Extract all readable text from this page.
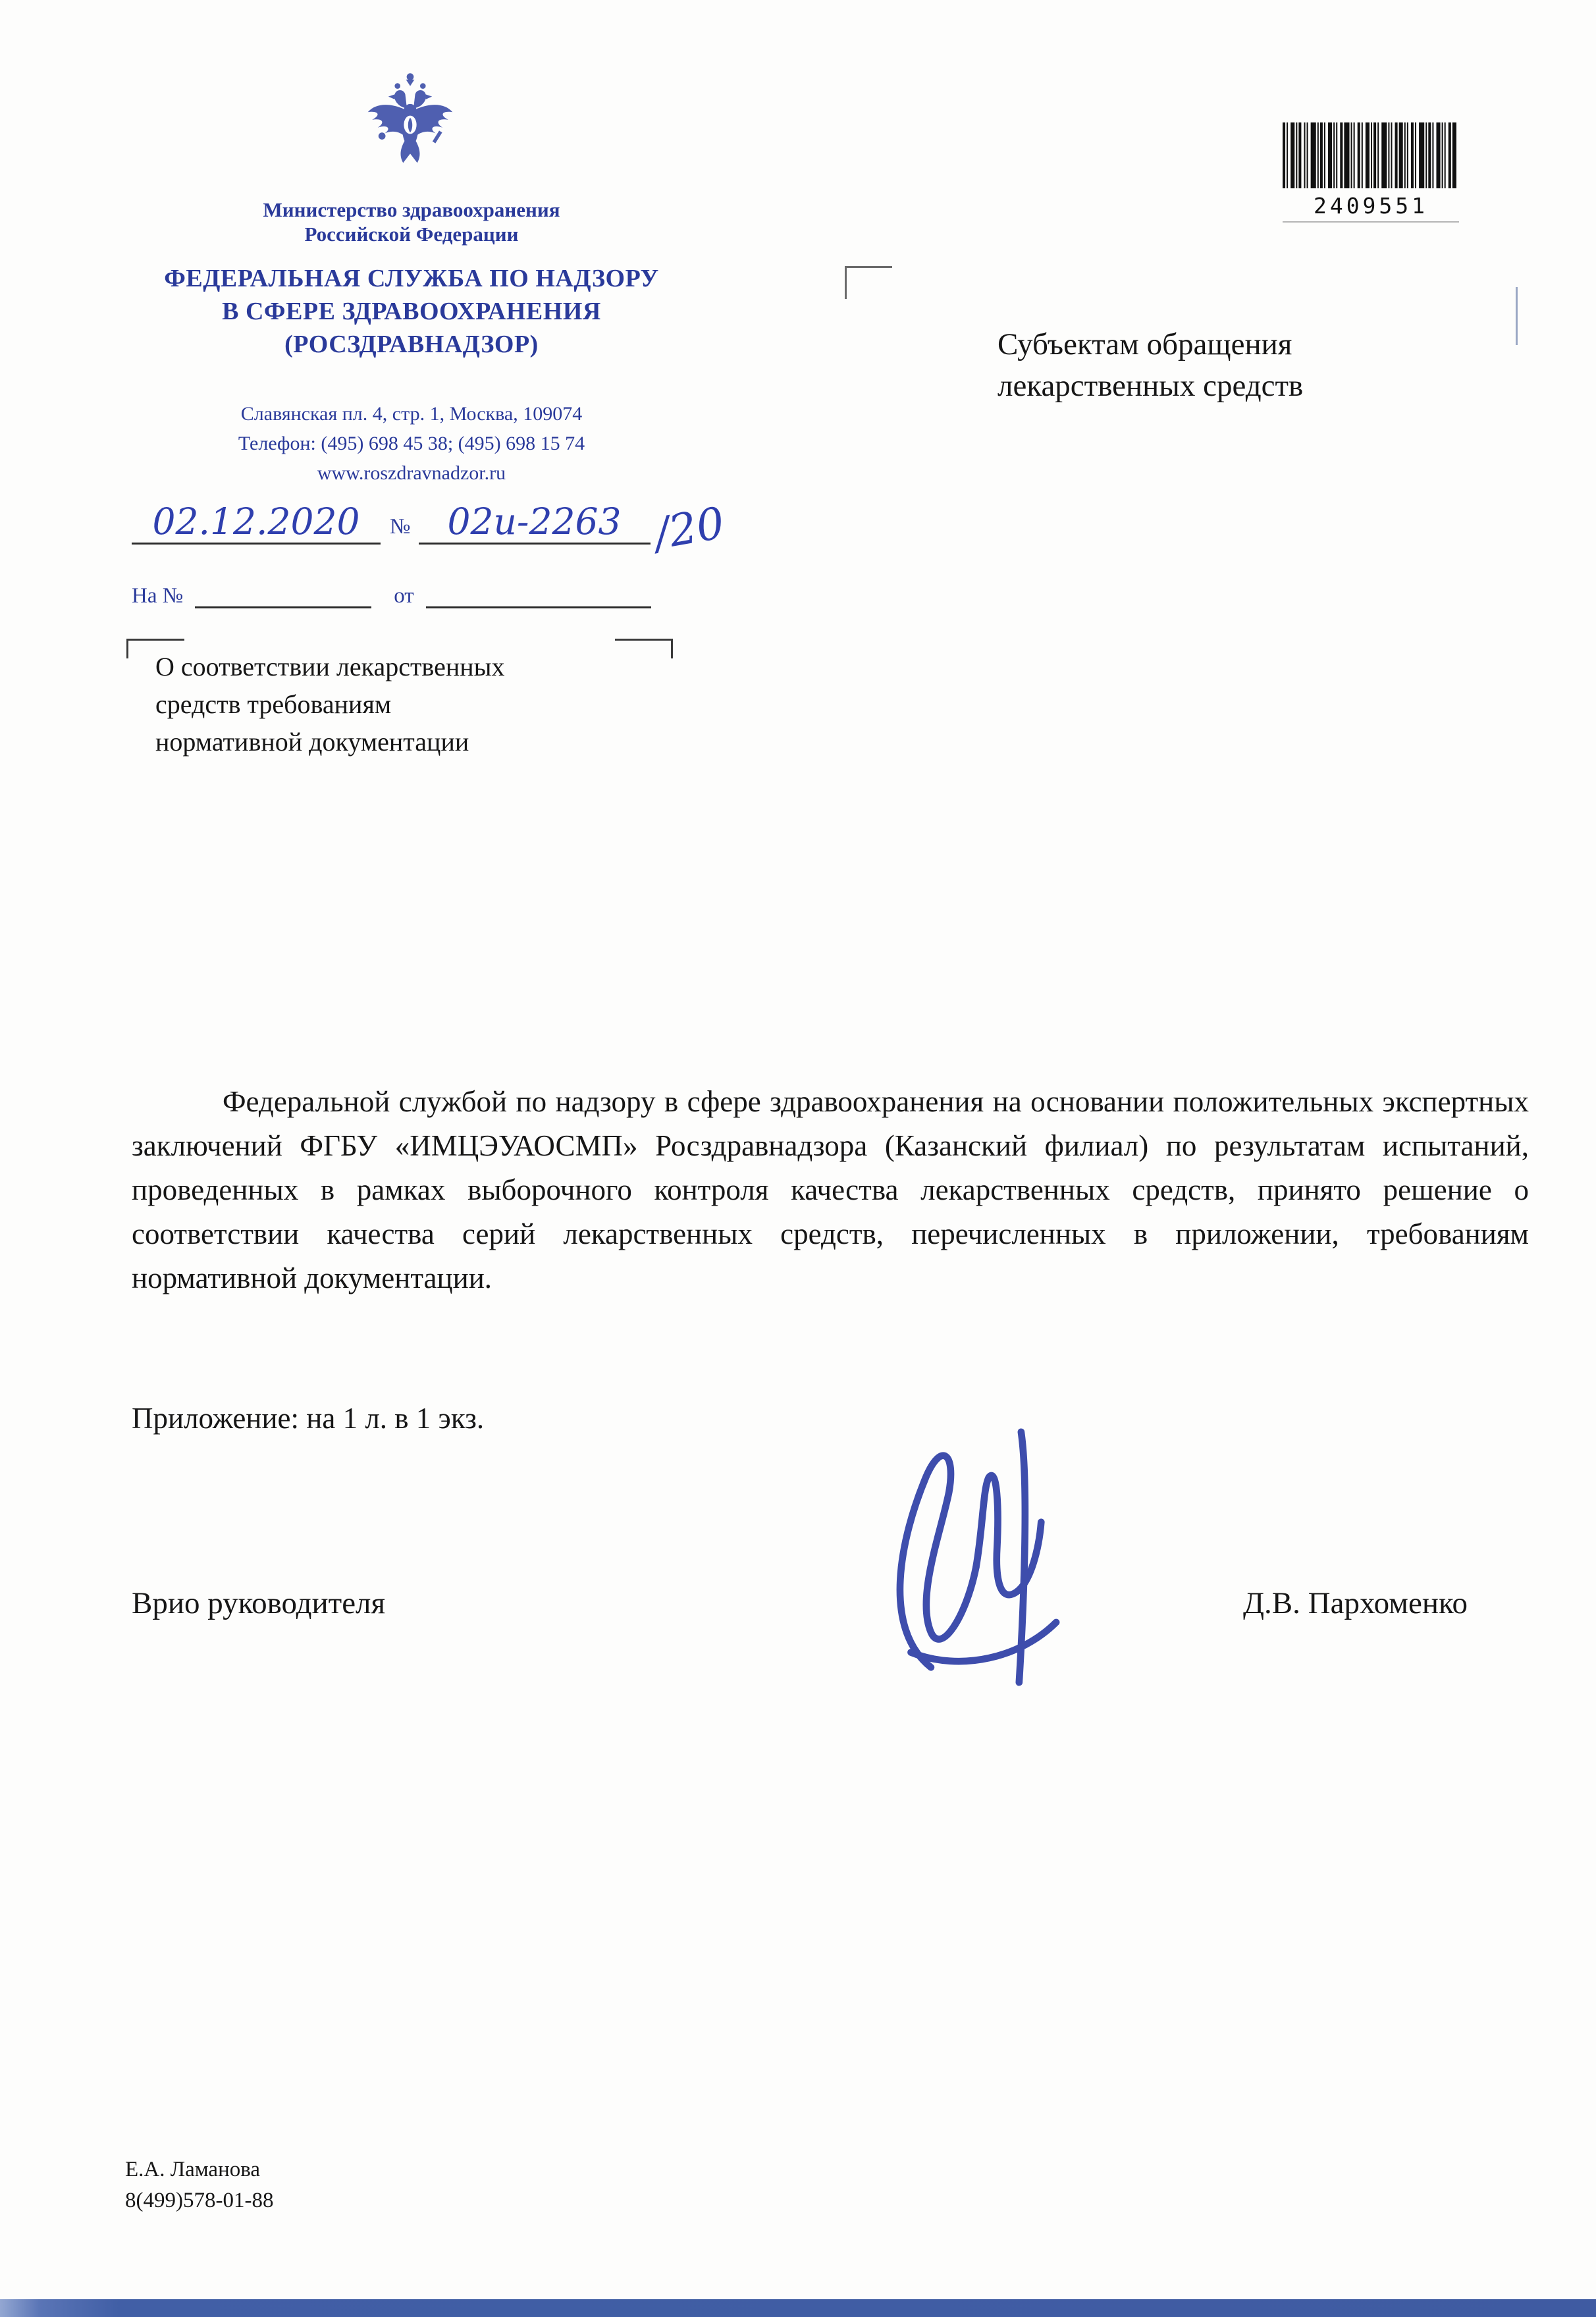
Министерство здравоохранения
Российской Федерации
ФЕДЕРАЛЬНАЯ СЛУЖБА ПО НАДЗОРУ
В СФЕРЕ ЗДРАВООХРАНЕНИЯ
(РОСЗДРАВНАДЗОР)
Славянская пл. 4, стр. 1, Москва, 109074
Телефон: (495) 698 45 38; (495) 698 15 74
www.roszdravnadzor.ru
02.12.2020	№	02и-2263 /20
На №	от
О соответствии лекарственных
средств требованиям
нормативной документации
2409551
Субъектам обращения
лекарственных средств

Федеральной службой по надзору в сфере здравоохранения на основании положительных экспертных заключений ФГБУ «ИМЦЭУАОСМП» Росздравнадзора (Казанский филиал) по результатам испытаний, проведенных в рамках выборочного контроля качества лекарственных средств, принято решение о соответствии качества серий лекарственных средств, перечисленных в приложении, требованиям нормативной документации.

Приложение: на 1 л. в 1 экз.
Врио руководителя	Д.В. Пархоменко
Е.А. Ламанова
8(499)578-01-88
